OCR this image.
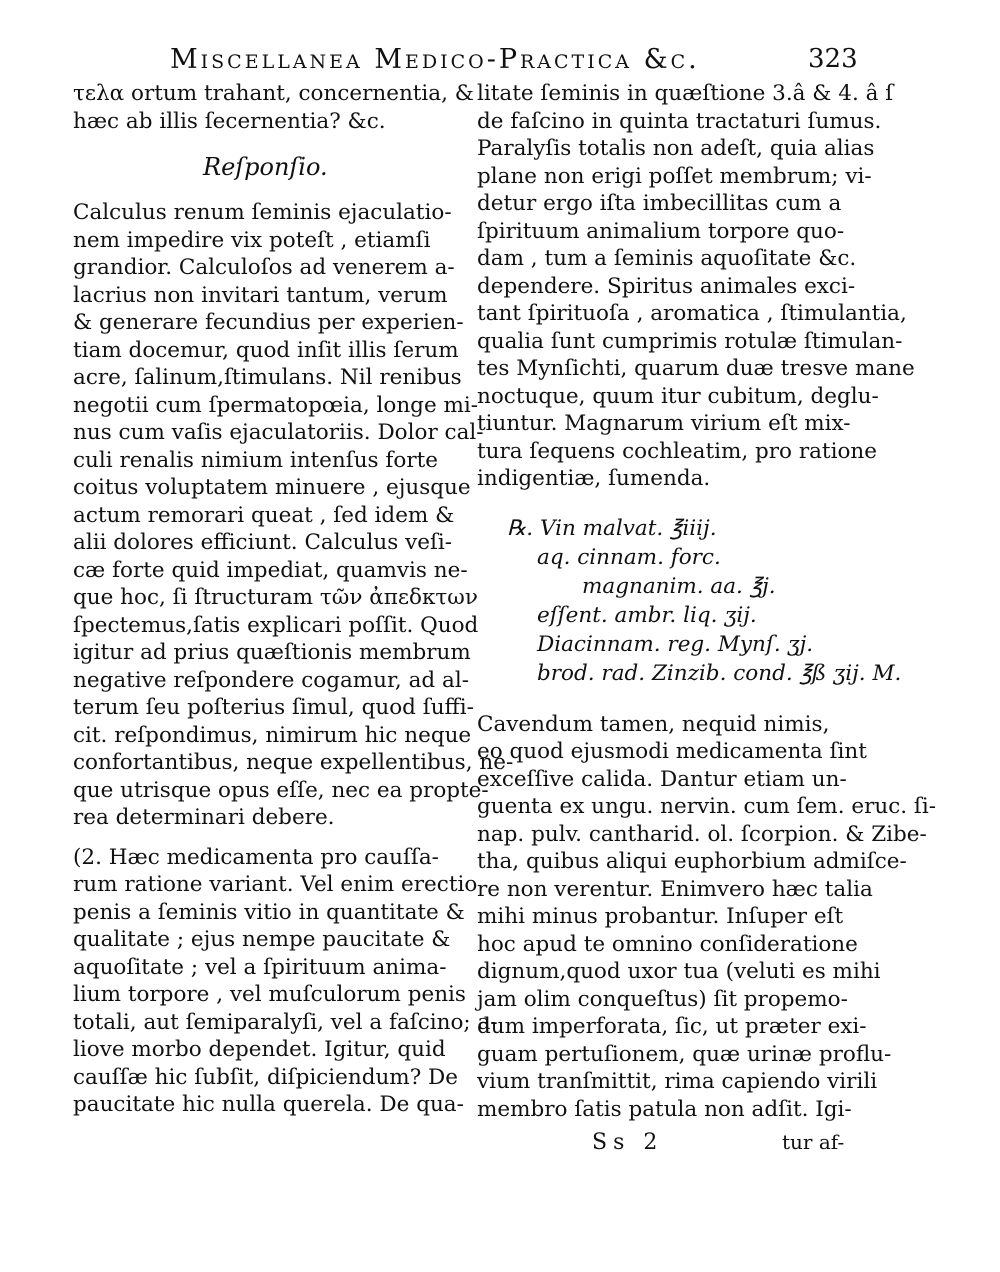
Miscellanea Medico-Practica &c.	323
τελα ortum trahant, concernentia, &
hæc ab illis ſecernentia? &c.
Reſponſio.
Calculus renum ſeminis ejaculatio-
nem impedire vix poteſt , etiamſi
grandior. Calculoſos ad venerem a-
lacrius non invitari tantum, verum
& generare fecundius per experien-
tiam docemur, quod inſit illis ſerum
acre, ſalinum,ſtimulans. Nil renibus
negotii cum ſpermatopœia, longe mi-
nus cum vaſis ejaculatoriis. Dolor cal-
culi renalis nimium intenſus forte
coitus voluptatem minuere , ejusque
actum remorari queat , ſed idem &
alii dolores efficiunt. Calculus veſi-
cæ forte quid impediat, quamvis ne-
que hoc, ſi ſtructuram τῶν ἀπεδκτων
ſpectemus,ſatis explicari poſſit. Quod
igitur ad prius quæſtionis membrum
negative reſpondere cogamur, ad al-
terum ſeu poſterius ſimul, quod ſuffi-
cit. reſpondimus, nimirum hic neque
confortantibus, neque expellentibus, ne-
que utrisque opus eſſe, nec ea propte-
rea determinari debere.
(2. Hæc medicamenta pro cauſſa-
rum ratione variant. Vel enim erectio
penis a ſeminis vitio in quantitate &
qualitate ; ejus nempe paucitate &
aquoſitate ; vel a ſpirituum anima-
lium torpore , vel muſculorum penis
totali, aut ſemiparalyſi, vel a faſcino; a-
liove morbo dependet. Igitur, quid
cauſſæ hic ſubſit, diſpiciendum? De
paucitate hic nulla querela. De qua-
litate ſeminis in quæſtione 3.â & 4. â ſ
de faſcino in quinta tractaturi ſumus.
Paralyſis totalis non adeſt, quia alias
plane non erigi poſſet membrum; vi-
detur ergo iſta imbecillitas cum a
ſpirituum animalium torpore quo-
dam , tum a ſeminis aquoſitate &c.
dependere. Spiritus animales exci-
tant ſpirituoſa , aromatica , ſtimulantia,
qualia ſunt cumprimis rotulæ ſtimulan-
tes Mynſichti, quarum duæ tresve mane
noctuque, quum itur cubitum, deglu-
tiuntur. Magnarum virium eſt mix-
tura ſequens cochleatim, pro ratione
indigentiæ, ſumenda.
℞. Vin malvat. ℥iiij.
aq. cinnam. forc.
magnanim. aa. ℥j.
eſſent. ambr. liq. ʒij.
Diacinnam. reg. Mynſ. ʒj.
brod. rad. Zinzib. cond. ℥ß ʒij. M.
Cavendum tamen, nequid nimis,
eo quod ejusmodi medicamenta ſint
exceſſive calida. Dantur etiam un-
guenta ex ungu. nervin. cum ſem. eruc. ſi-
nap. pulv. cantharid. ol. ſcorpion. & Zibe-
tha, quibus aliqui euphorbium admiſce-
re non verentur. Enimvero hæc talia
mihi minus probantur. Inſuper eſt
hoc apud te omnino conſideratione
dignum,quod uxor tua (veluti es mihi
jam olim conqueſtus) ſit propemo-
dum imperforata, ſic, ut præter exi-
guam pertuſionem, quæ urinæ proflu-
vium tranſmittit, rima capiendo virili
membro ſatis patula non adſit. Igi-
Ss 2	tur af-
